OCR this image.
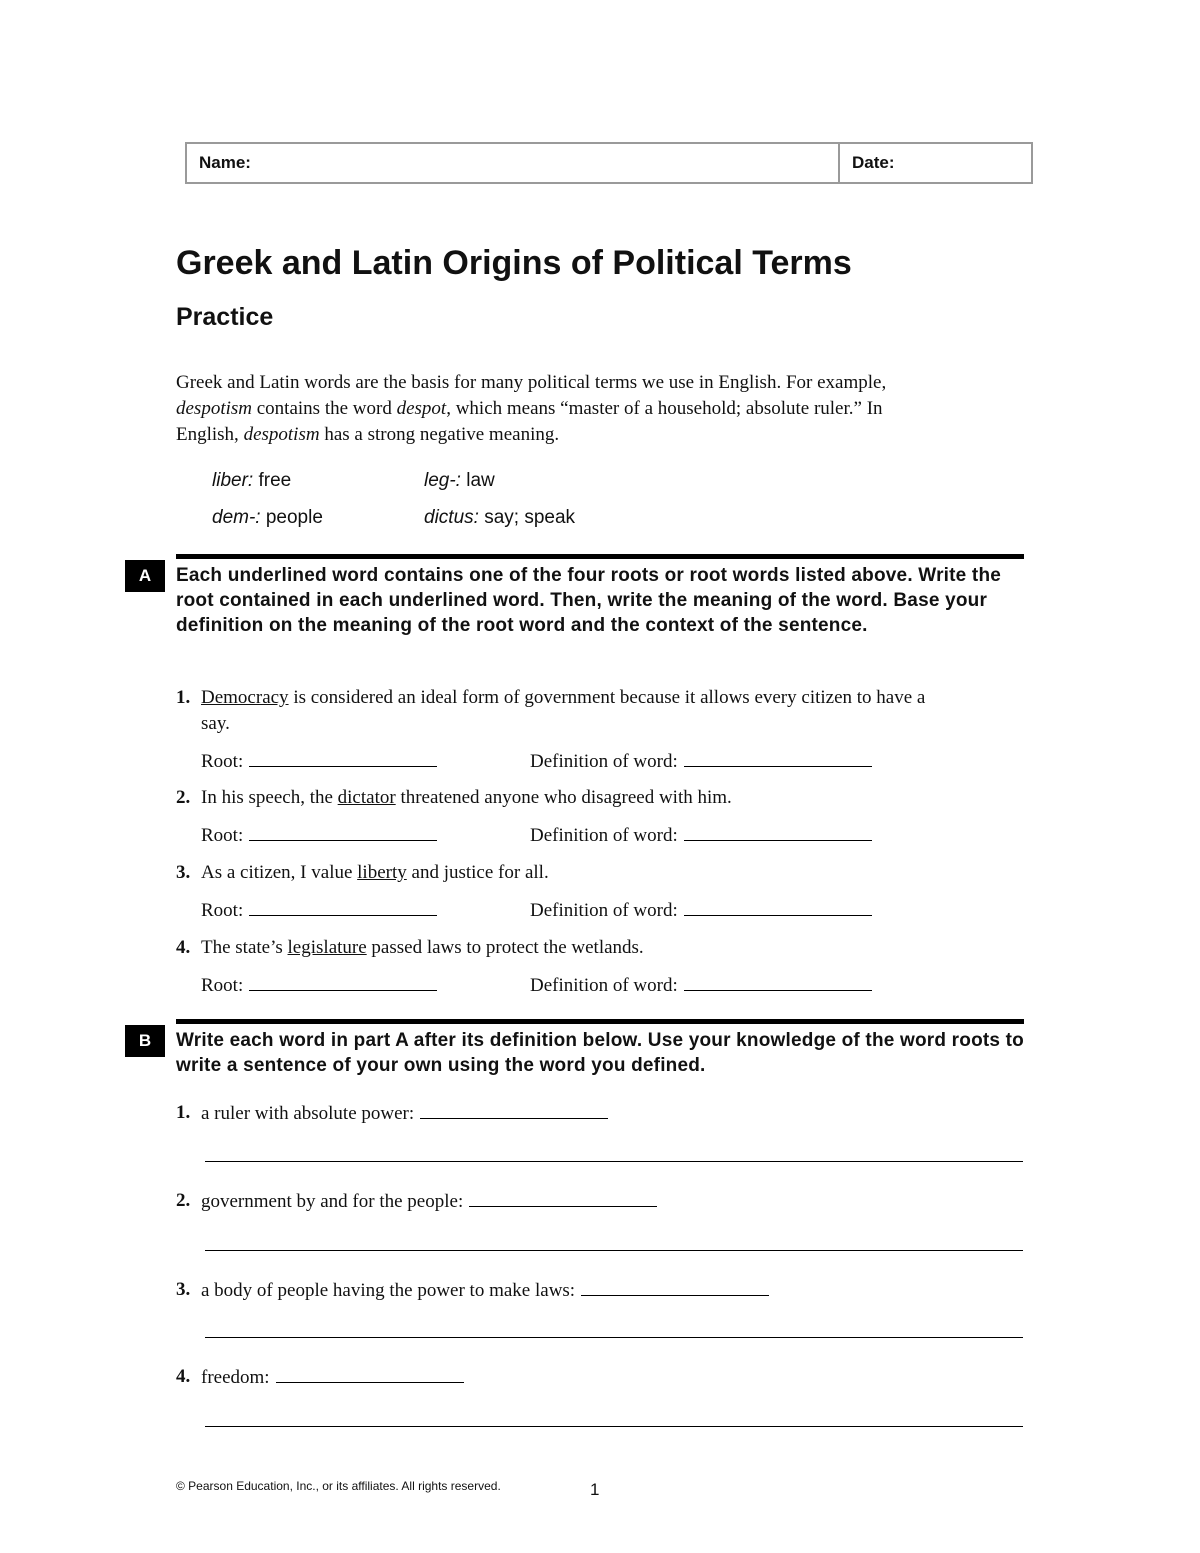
Name:	Date:
Greek and Latin Origins of Political Terms
Practice

Greek and Latin words are the basis for many political terms we use in English. For example, despotism contains the word despot, which means “master of a household; absolute ruler.” In English, despotism has a strong negative meaning.

liber: free	leg-: law
dem-: people	dictus: say; speak
A	Each underlined word contains one of the four roots or root words listed above. Write the root contained in each underlined word. Then, write the meaning of the word. Base your definition on the meaning of the root word and the context of the sentence.

1. Democracy is considered an ideal form of government because it allows every citizen to have a say.
Root:	Definition of word:
2. In his speech, the dictator threatened anyone who disagreed with him.
Root:	Definition of word:
3. As a citizen, I value liberty and justice for all.
Root:	Definition of word:
4. The state’s legislature passed laws to protect the wetlands.
Root:	Definition of word:
B	Write each word in part A after its definition below. Use your knowledge of the word roots to write a sentence of your own using the word you defined.

1. a ruler with absolute power:
2. government by and for the people:
3. a body of people having the power to make laws:
4. freedom:
© Pearson Education, Inc., or its affiliates. All rights reserved.	1
